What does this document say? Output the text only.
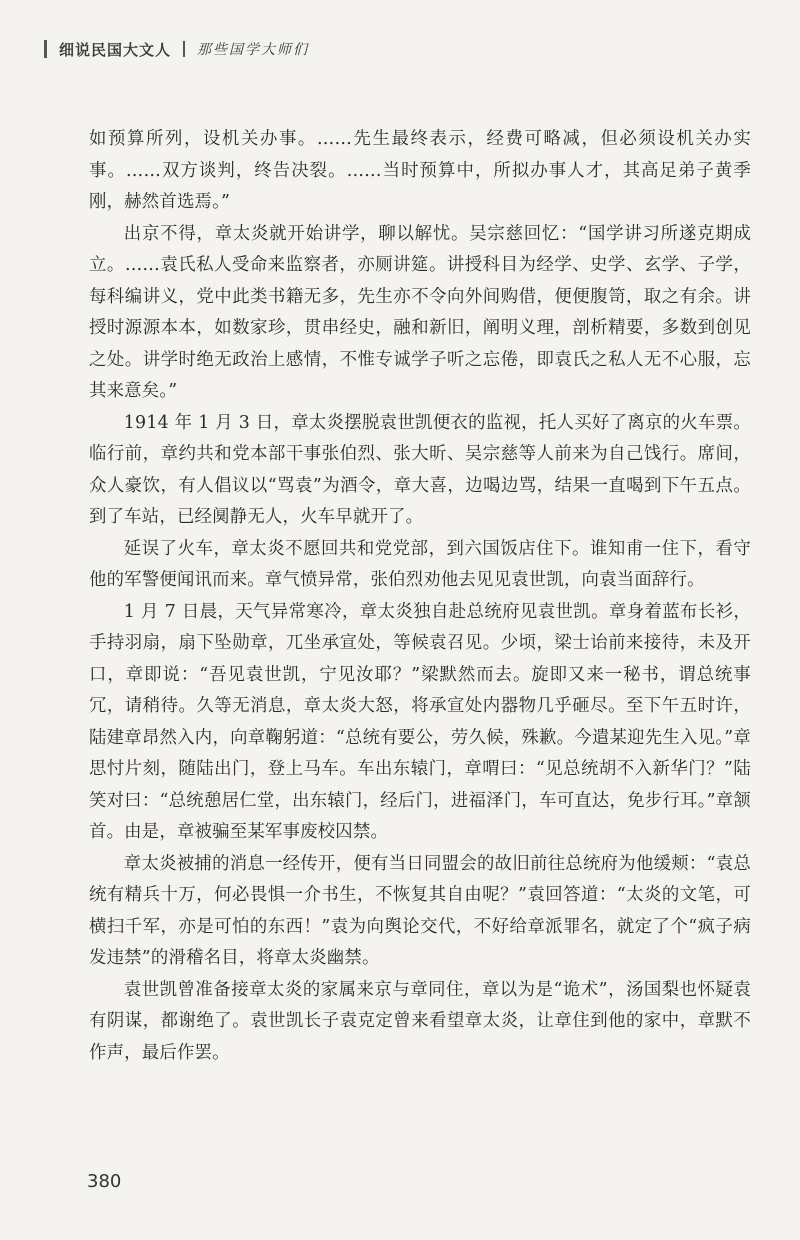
细说民国大文人 那些国学大师们

如预算所列，设机关办事。……先生最终表示，经费可略减，但必须设机关办实事。……双方谈判，终告决裂。……当时预算中，所拟办事人才，其高足弟子黄季刚，赫然首选焉。”

出京不得，章太炎就开始讲学，聊以解忧。吴宗慈回忆：“国学讲习所遂克期成立。……袁氏私人受命来监察者，亦厕讲筵。讲授科目为经学、史学、玄学、子学，每科编讲义，党中此类书籍无多，先生亦不令向外间购借，便便腹笥，取之有余。讲授时源源本本，如数家珍，贯串经史，融和新旧，阐明义理，剖析精要，多数到创见之处。讲学时绝无政治上感情，不惟专诚学子听之忘倦，即袁氏之私人无不心服，忘其来意矣。”

1914 年 1 月 3 日，章太炎摆脱袁世凯便衣的监视，托人买好了离京的火车票。临行前，章约共和党本部干事张伯烈、张大昕、吴宗慈等人前来为自己饯行。席间，众人豪饮，有人倡议以“骂袁”为酒令，章大喜，边喝边骂，结果一直喝到下午五点。到了车站，已经阒静无人，火车早就开了。

延误了火车，章太炎不愿回共和党党部，到六国饭店住下。谁知甫一住下，看守他的军警便闻讯而来。章气愤异常，张伯烈劝他去见见袁世凯，向袁当面辞行。

1 月 7 日晨，天气异常寒冷，章太炎独自赴总统府见袁世凯。章身着蓝布长衫，手持羽扇，扇下坠勋章，兀坐承宣处，等候袁召见。少顷，梁士诒前来接待，未及开口，章即说：“吾见袁世凯，宁见汝耶？”梁默然而去。旋即又来一秘书，谓总统事冗，请稍待。久等无消息，章太炎大怒，将承宣处内器物几乎砸尽。至下午五时许，陆建章昂然入内，向章鞠躬道：“总统有要公，劳久候，殊歉。今遣某迎先生入见。”章思忖片刻，随陆出门，登上马车。车出东辕门，章喟曰：“见总统胡不入新华门？”陆笑对曰：“总统憩居仁堂，出东辕门，经后门，进福泽门，车可直达，免步行耳。”章颔首。由是，章被骗至某军事废校囚禁。

章太炎被捕的消息一经传开，便有当日同盟会的故旧前往总统府为他缓颊：“袁总统有精兵十万，何必畏惧一介书生，不恢复其自由呢？”袁回答道：“太炎的文笔，可横扫千军，亦是可怕的东西！”袁为向舆论交代，不好给章派罪名，就定了个“疯子病发违禁”的滑稽名目，将章太炎幽禁。

袁世凯曾准备接章太炎的家属来京与章同住，章以为是“诡术”，汤国梨也怀疑袁有阴谋，都谢绝了。袁世凯长子袁克定曾来看望章太炎，让章住到他的家中，章默不作声，最后作罢。

380
